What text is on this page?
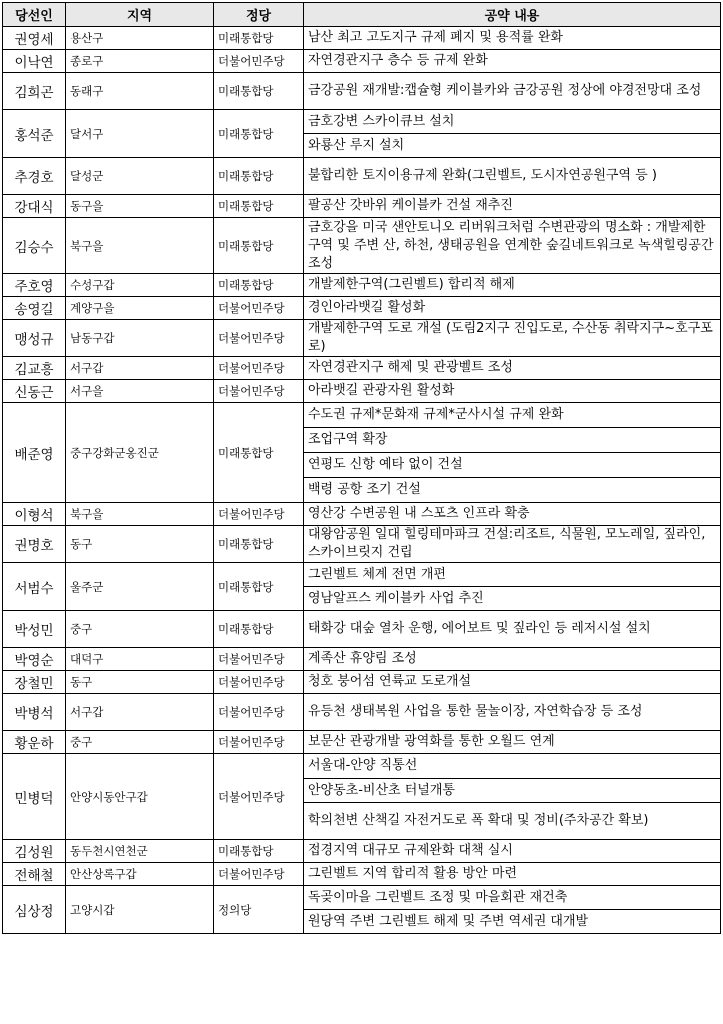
당선인	지역	정당	공약 내용
권영세	용산구	미래통합당	남산 최고 고도지구 규제 폐지 및 용적률 완화
이낙연	종로구	더불어민주당	자연경관지구 층수 등 규제 완화
김희곤	동래구	미래통합당	금강공원 재개발:캡슐형 케이블카와 금강공원 정상에 야경전망대 조성
홍석준	달서구	미래통합당	금호강변 스카이큐브 설치
			와룡산 루지 설치
추경호	달성군	미래통합당	불합리한 토지이용규제 완화(그린벨트, 도시자연공원구역 등 )
강대식	동구을	미래통합당	팔공산 갓바위 케이블카 건설 재추진
김승수	북구을	미래통합당	금호강을 미국 샌안토니오 리버워크처럼 수변관광의 명소화 : 개발제한구역 및 주변 산, 하천, 생태공원을 연계한 숲길네트워크로 녹색힐링공간 조성
주호영	수성구갑	미래통합당	개발제한구역(그린벨트) 합리적 해제
송영길	계양구을	더불어민주당	경인아라뱃길 활성화
맹성규	남동구갑	더불어민주당	개발제한구역 도로 개설 (도림2지구 진입도로, 수산동 취락지구~호구포로)
김교흥	서구갑	더불어민주당	자연경관지구 해제 및 관광벨트 조성
신동근	서구을	더불어민주당	아라뱃길 관광자원 활성화
배준영	중구강화군옹진군	미래통합당	수도권 규제*문화재 규제*군사시설 규제 완화
			조업구역 확장
			연평도 신항 예타 없이 건설
			백령 공항 조기 건설
이형석	북구을	더불어민주당	영산강 수변공원 내 스포츠 인프라 확충
권명호	동구	미래통합당	대왕암공원 일대 힐링테마파크 건설:리조트, 식물원, 모노레일, 짚라인, 스카이브릿지 건립
서범수	울주군	미래통합당	그린벨트 체계 전면 개편
			영남알프스 케이블카 사업 추진
박성민	중구	미래통합당	태화강 대숲 열차 운행, 에어보트 및 짚라인 등 레저시설 설치
박영순	대덕구	더불어민주당	계족산 휴양림 조성
장철민	동구	더불어민주당	청호 붕어섬 연륙교 도로개설
박병석	서구갑	더불어민주당	유등천 생태복원 사업을 통한 물놀이장, 자연학습장 등 조성
황운하	중구	더불어민주당	보문산 관광개발 광역화를 통한 오월드 연계
민병덕	안양시동안구갑	더불어민주당	서울대-안양 직통선
			안양동초-비산초 터널개통
			학의천변 산책길 자전거도로 폭 확대 및 정비(주차공간 확보)
김성원	동두천시연천군	미래통합당	접경지역 대규모 규제완화 대책 실시
전해철	안산상록구갑	더불어민주당	그린벨트 지역 합리적 활용 방안 마련
심상정	고양시갑	정의당	독곶이마을 그린벨트 조정 및 마을회관 재건축
			원당역 주변 그린벨트 해제 및 주변 역세권 대개발
